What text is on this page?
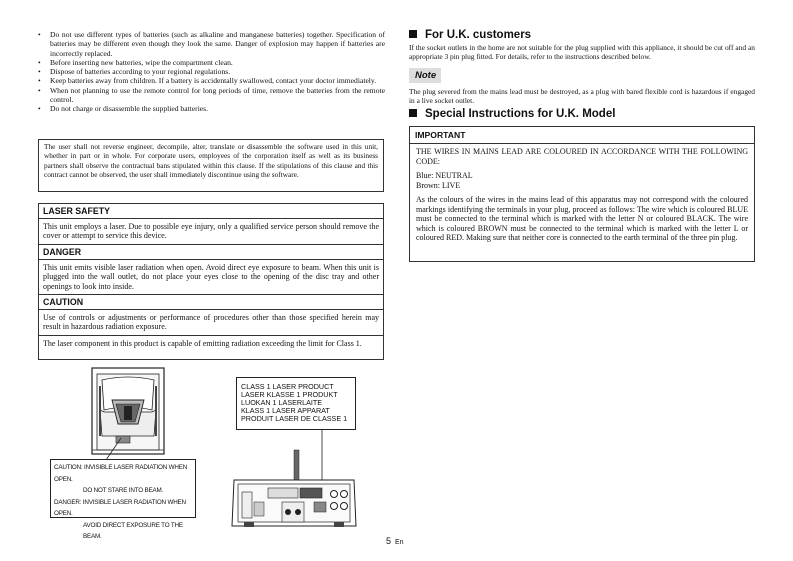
• Do not use different types of batteries (such as alkaline and manganese batteries) together. Specification of batteries may be different even though they look the same. Danger of explosion may happen if batteries are incorrectly replaced.
• Before inserting new batteries, wipe the compartment clean.
• Dispose of batteries according to your regional regulations.
• Keep batteries away from children. If a battery is accidentally swallowed, contact your doctor immediately.
• When not planning to use the remote control for long periods of time, remove the batteries from the remote control.
• Do not charge or disassemble the supplied batteries.
The user shall not reverse engineer, decompile, alter, translate or disassemble the software used in this unit, whether in part or in whole. For corporate users, employees of the corporation itself as well as its business partners shall observe the contractual bans stipulated within this clause. If the stipulations of this clause and this contract cannot be observed, the user shall immediately discontinue using the software.
LASER SAFETY
This unit employs a laser. Due to possible eye injury, only a qualified service person should remove the cover or attempt to service this device.
DANGER
This unit emits visible laser radiation when open. Avoid direct eye exposure to beam. When this unit is plugged into the wall outlet, do not place your eyes close to the opening of the disc tray and other openings to look into inside.
CAUTION
Use of controls or adjustments or performance of procedures other than those specified herein may result in hazardous radiation exposure.
The laser component in this product is capable of emitting radiation exceeding the limit for Class 1.
CAUTION: INVISIBLE LASER RADIATION WHEN OPEN.
DO NOT STARE INTO BEAM.
DANGER: INVISIBLE LASER RADIATION WHEN OPEN.
AVOID DIRECT EXPOSURE TO THE BEAM.
CLASS 1 LASER PRODUCT
LASER KLASSE 1 PRODUKT
LUOKAN 1 LASERLAITE
KLASS 1 LASER APPARAT
PRODUIT LASER DE CLASSE 1
For U.K. customers
If the socket outlets in the home are not suitable for the plug supplied with this appliance, it should be cut off and an appropriate 3 pin plug fitted. For details, refer to the instructions described below.
Note
The plug severed from the mains lead must be destroyed, as a plug with bared flexible cord is hazardous if engaged in a live socket outlet.
Special Instructions for U.K. Model
IMPORTANT

THE WIRES IN MAINS LEAD ARE COLOURED IN ACCORDANCE WITH THE FOLLOWING CODE:

Blue: NEUTRAL

Brown: LIVE

As the colours of the wires in the mains lead of this apparatus may not correspond with the coloured markings identifying the terminals in your plug, proceed as follows: The wire which is coloured BLUE must be connected to the terminal which is marked with the letter N or coloured BLACK. The wire which is coloured BROWN must be connected to the terminal which is marked with the letter L or coloured RED. Making sure that neither core is connected to the earth terminal of the three pin plug.

5 En
